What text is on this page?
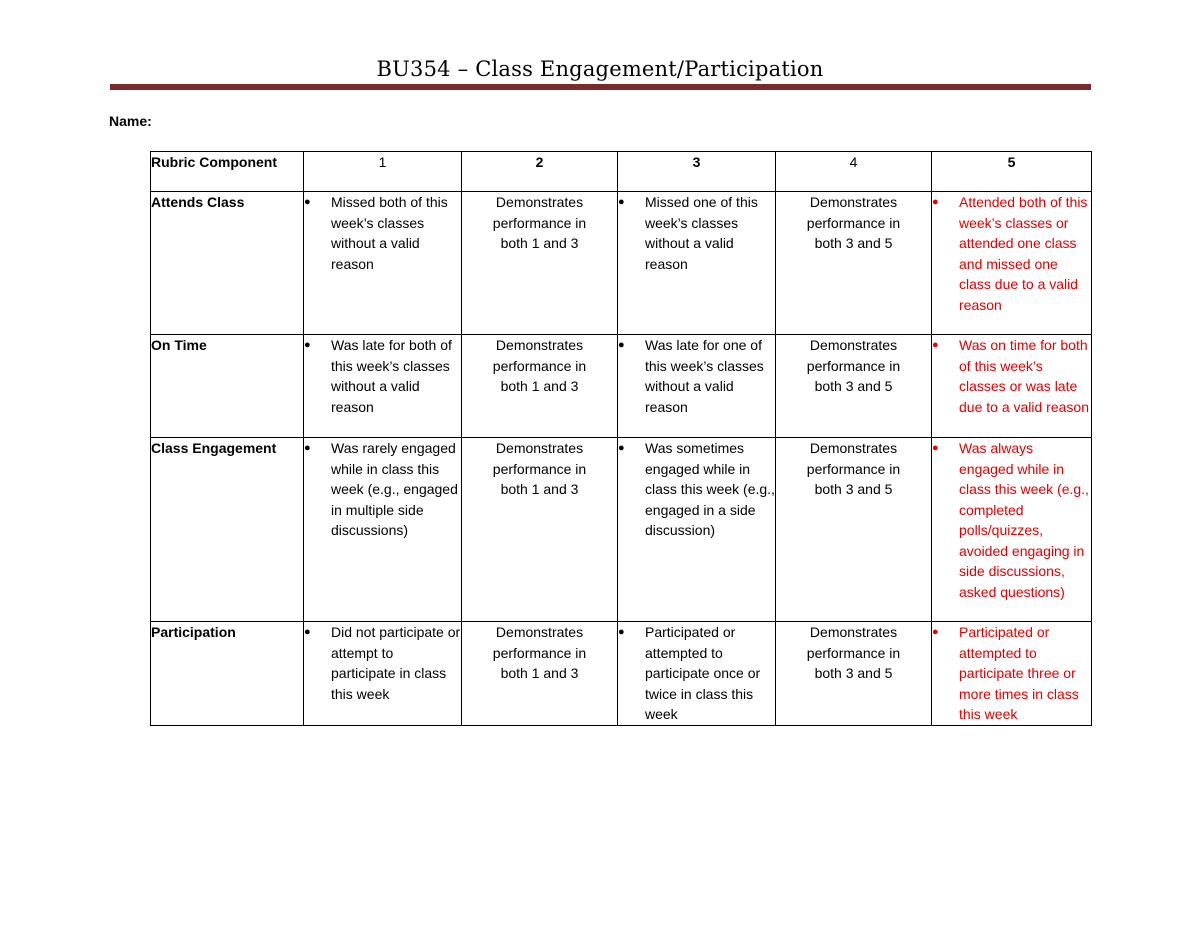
BU354 – Class Engagement/Participation
Name:
Rubric Component	1	2	3	4	5
Attends Class	● Missed both of this week’s classes without a valid reason	Demonstrates performance in both 1 and 3	● Missed one of this week’s classes without a valid reason	Demonstrates performance in both 3 and 5	● Attended both of this week’s classes or attended one class and missed one class due to a valid reason

On Time	● Was late for both of this week’s classes without a valid reason	Demonstrates performance in both 1 and 3	● Was late for one of this week’s classes without a valid reason	Demonstrates performance in both 3 and 5	● Was on time for both of this week’s classes or was late due to a valid reason

Class Engagement	● Was rarely engaged while in class this week (e.g., engaged in multiple side discussions)	Demonstrates performance in both 1 and 3	● Was sometimes engaged while in class this week (e.g., engaged in a side discussion)	Demonstrates performance in both 3 and 5	● Was always engaged while in class this week (e.g., completed polls/quizzes, avoided engaging in side discussions, asked questions)

Participation	● Did not participate or attempt to participate in class this week	Demonstrates performance in both 1 and 3	● Participated or attempted to participate once or twice in class this week	Demonstrates performance in both 3 and 5	● Participated or attempted to participate three or more times in class this week
